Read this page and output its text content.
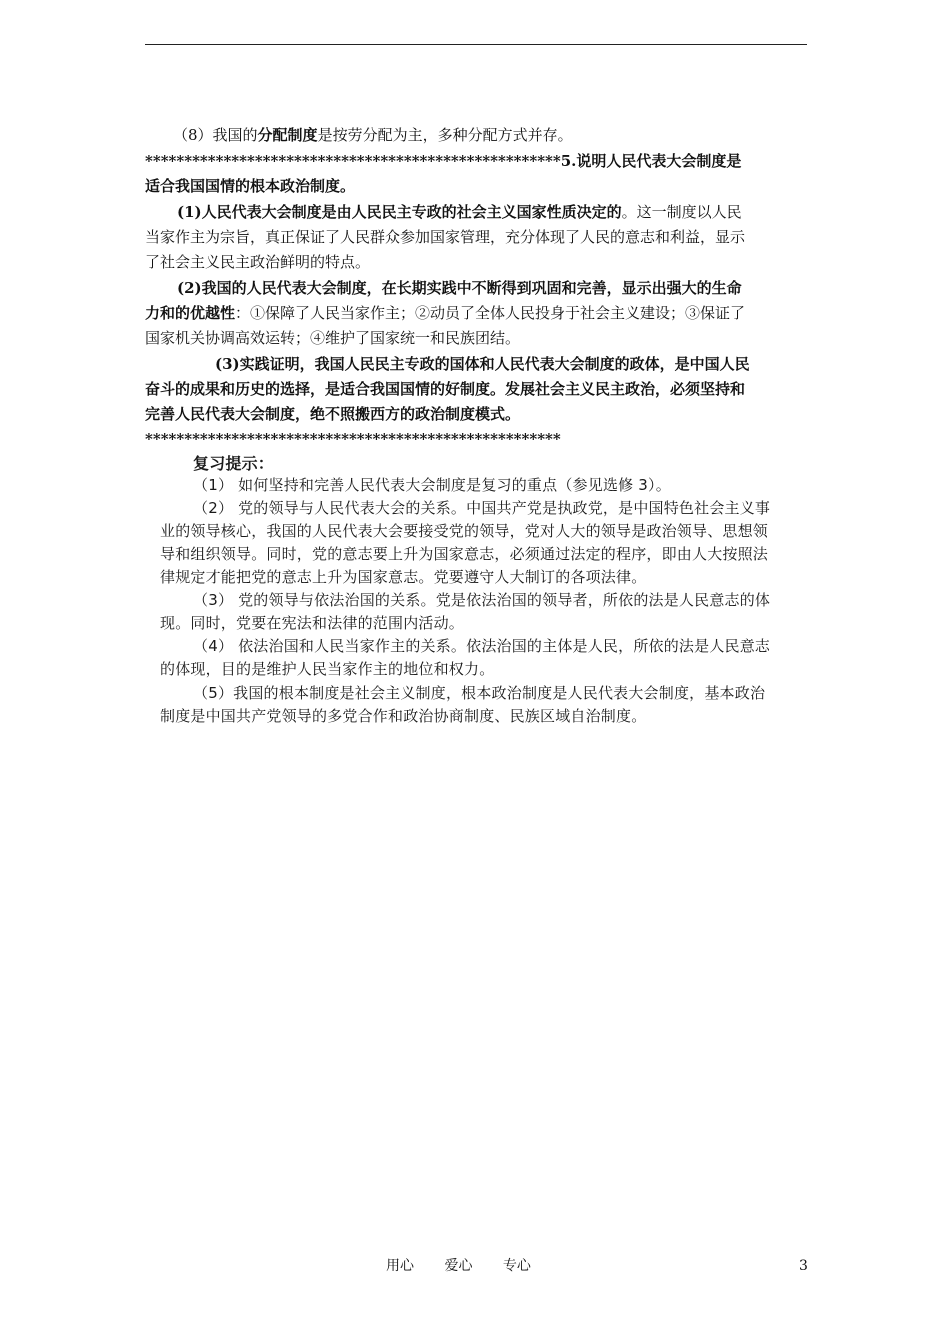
（8）我国的分配制度是按劳分配为主，多种分配方式并存。
*****************************************************5.说明人民代表大会制度是
适合我国国情的根本政治制度。
(1)人民代表大会制度是由人民民主专政的社会主义国家性质决定的。这一制度以人民
当家作主为宗旨，真正保证了人民群众参加国家管理，充分体现了人民的意志和利益，显示
了社会主义民主政治鲜明的特点。
(2)我国的人民代表大会制度，在长期实践中不断得到巩固和完善，显示出强大的生命
力和的优越性：①保障了人民当家作主；②动员了全体人民投身于社会主义建设；③保证了
国家机关协调高效运转；④维护了国家统一和民族团结。
(3)实践证明，我国人民民主专政的国体和人民代表大会制度的政体，是中国人民
奋斗的成果和历史的选择，是适合我国国情的好制度。发展社会主义民主政治，必须坚持和
完善人民代表大会制度，绝不照搬西方的政治制度模式。
*****************************************************
复习提示：
（1） 如何坚持和完善人民代表大会制度是复习的重点（参见选修 3）。
（2） 党的领导与人民代表大会的关系。中国共产党是执政党，是中国特色社会主义事
业的领导核心，我国的人民代表大会要接受党的领导，党对人大的领导是政治领导、思想领
导和组织领导。同时，党的意志要上升为国家意志，必须通过法定的程序，即由人大按照法
律规定才能把党的意志上升为国家意志。党要遵守人大制订的各项法律。
（3） 党的领导与依法治国的关系。党是依法治国的领导者，所依的法是人民意志的体
现。同时，党要在宪法和法律的范围内活动。
（4） 依法治国和人民当家作主的关系。依法治国的主体是人民，所依的法是人民意志
的体现，目的是维护人民当家作主的地位和权力。
（5）我国的根本制度是社会主义制度，根本政治制度是人民代表大会制度，基本政治
制度是中国共产党领导的多党合作和政治协商制度、民族区域自治制度。
用心 爱心 专心	3
